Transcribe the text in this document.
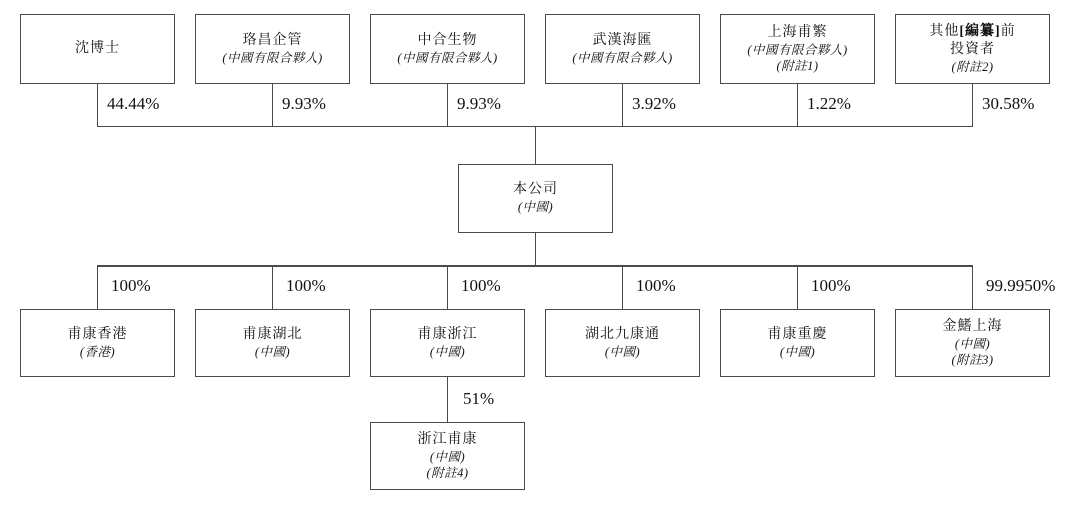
沈博士
珞昌企管
(中國有限合夥人)
中合生物
(中國有限合夥人)
武漢海匯
(中國有限合夥人)
上海甫繁
(中國有限合夥人)
(附註1)
其他[編纂]前
投資者
(附註2)
44.44%	9.93%	9.93%	3.92%	1.22%	30.58%
本公司
(中國)
100%	100%	100%	100%	100%	99.9950%
甫康香港
(香港)
甫康湖北
(中國)
甫康浙江
(中國)
湖北九康通
(中國)
甫康重慶
(中國)
金鰭上海
(中國)
(附註3)
51%
浙江甫康
(中國)
(附註4)
